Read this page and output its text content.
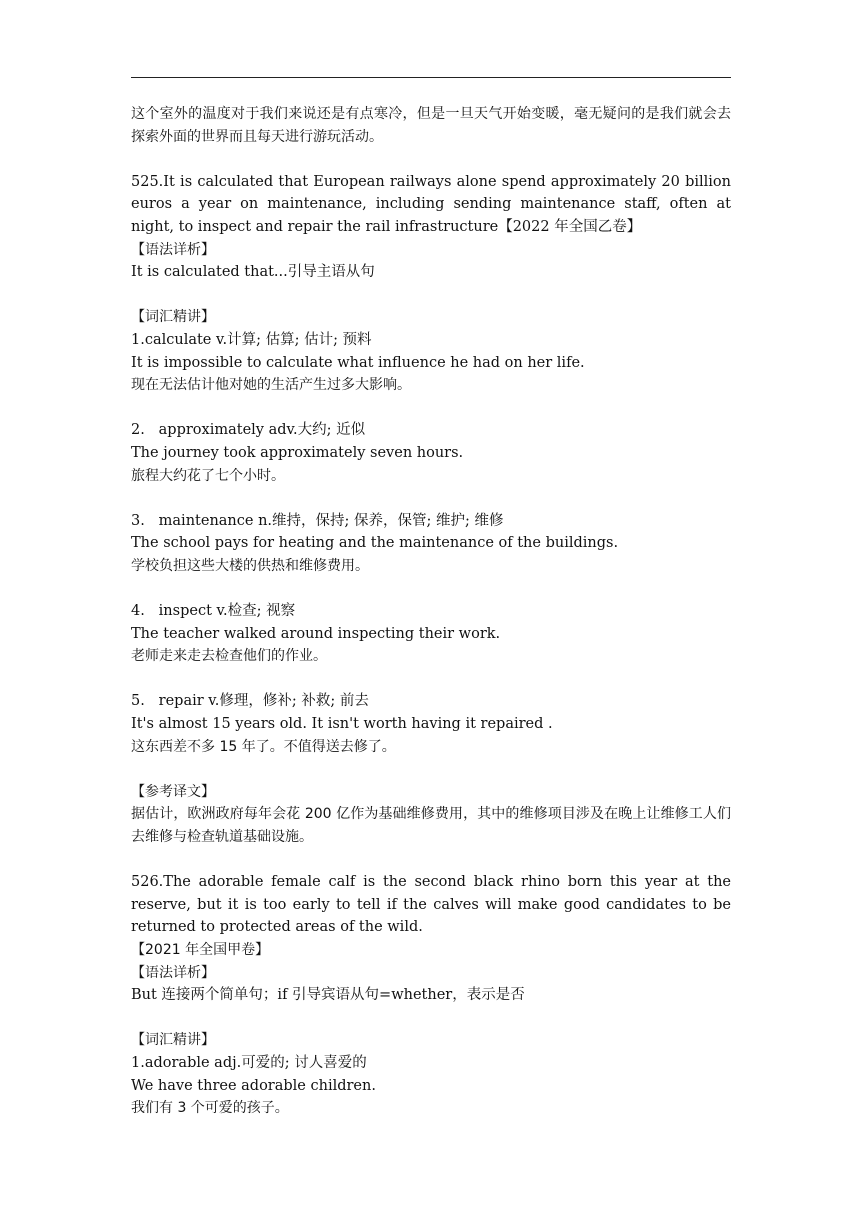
这个室外的温度对于我们来说还是有点寒冷，但是一旦天气开始变暖，毫无疑问的是我们就会去探索外面的世界而且每天进行游玩活动。
525.It is calculated that European railways alone spend approximately 20 billion euros a year on maintenance, including sending maintenance staff, often at night, to inspect and repair the rail infrastructure【2022 年全国乙卷】
【语法详析】
It is calculated that...引导主语从句
【词汇精讲】
1.calculate v.计算; 估算; 估计; 预料
It is impossible to calculate what influence he had on her life.
现在无法估计他对她的生活产生过多大影响。
2.   approximately adv.大约; 近似
The journey took approximately seven hours.
旅程大约花了七个小时。
3.   maintenance n.维持，保持; 保养，保管; 维护; 维修
The school pays for heating and the maintenance of the buildings.
学校负担这些大楼的供热和维修费用。
4.   inspect v.检查; 视察
The teacher walked around inspecting their work.
老师走来走去检查他们的作业。
5.   repair v.修理，修补; 补救; 前去
It's almost 15 years old. It isn't worth having it repaired .
这东西差不多 15 年了。不值得送去修了。
【参考译文】
据估计，欧洲政府每年会花 200 亿作为基础维修费用，其中的维修项目涉及在晚上让维修工人们去维修与检查轨道基础设施。
526.The adorable female calf is the second black rhino born this year at the reserve, but it is too early to tell if the calves will make good candidates to be returned to protected areas of the wild.
【2021 年全国甲卷】
【语法详析】
But 连接两个简单句；if 引导宾语从句=whether，表示是否
【词汇精讲】
1.adorable adj.可爱的; 讨人喜爱的
We have three adorable children.
我们有 3 个可爱的孩子。
